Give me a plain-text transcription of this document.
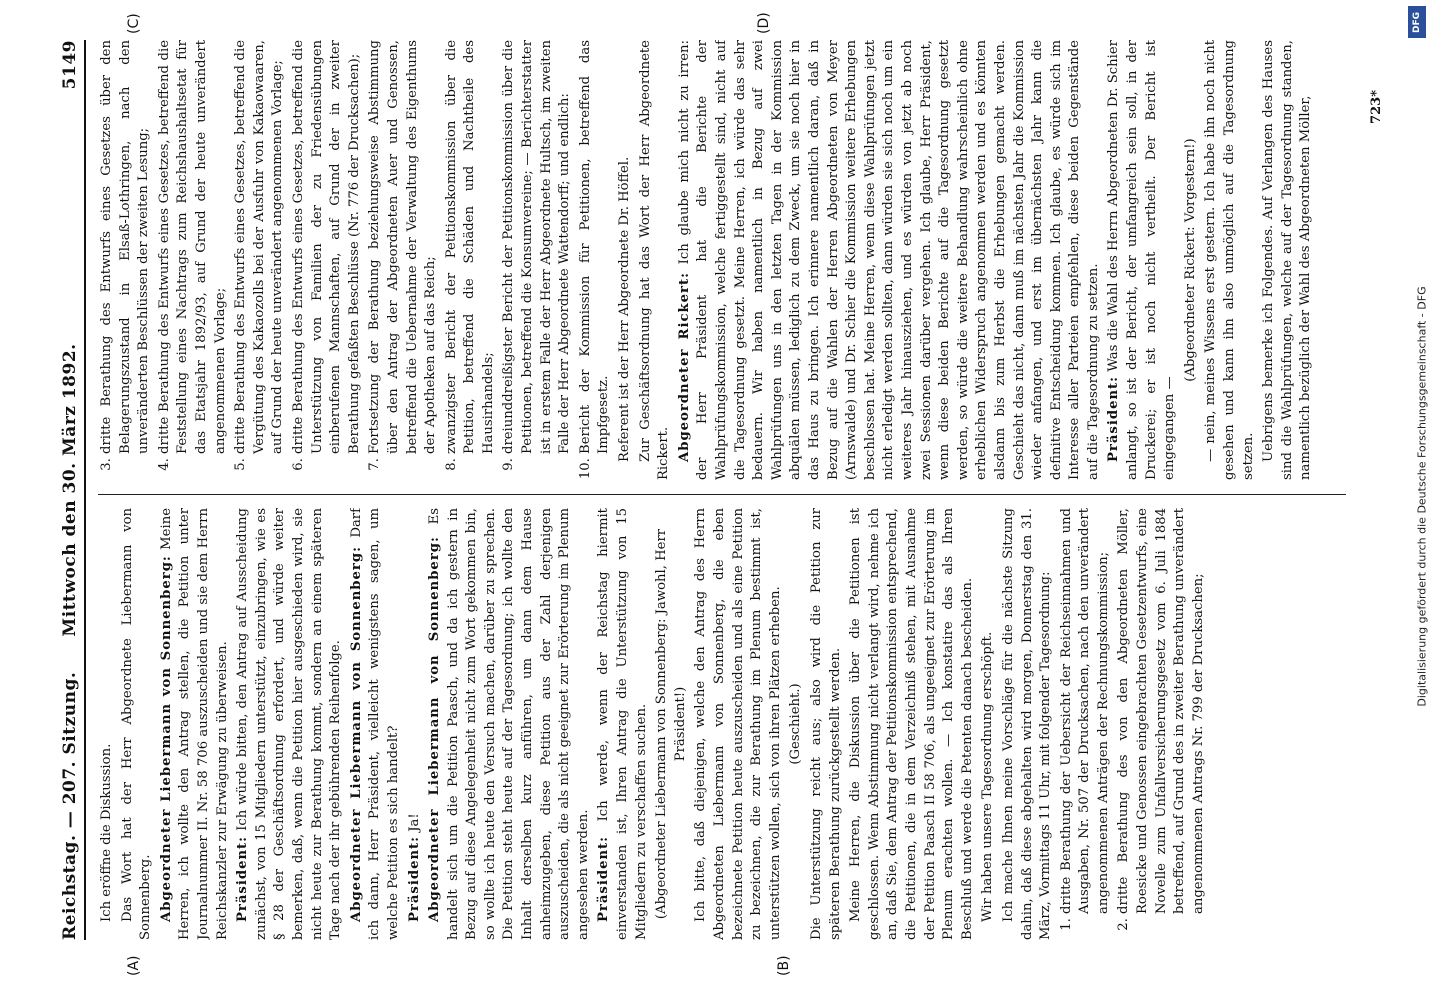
Reichstag. — 207. Sitzung.
Mittwoch den 30. März 1892.
5149
(A)	(B)
(C)	(D)

Ich eröffne die Diskussion. Das Wort hat der Herr Abgeordnete Liebermann von Sonnenberg. Abgeordneter Liebermann von Sonnenberg: Meine Herren, ich wollte den Antrag stellen, die Petition unter Journalnummer II. Nr. 58 706 auszuscheiden und sie dem Herrn Reichskanzler zur Erwägung zu überweisen. Präsident: Ich würde bitten, den Antrag auf Ausscheidung zunächst, von 15 Mitgliedern unterstützt, einzubringen, wie es § 28 der Geschäftsordnung erfordert, und würde weiter bemerken, daß, wenn die Petition hier ausgeschieden wird, sie nicht heute zur Berathung kommt, sondern an einem späteren Tage nach der ihr gebührenden Reihenfolge. Abgeordneter Liebermann von Sonnenberg: Darf ich dann, Herr Präsident, vielleicht wenigstens sagen, um welche Petition es sich handelt? Präsident: Ja! Abgeordneter Liebermann von Sonnenberg: Es handelt sich um die Petition Paasch, und da ich gestern in Bezug auf diese Angelegenheit nicht zum Wort gekommen bin, so wollte ich heute den Versuch machen, darüber zu sprechen. Die Petition steht heute auf der Tagesordnung; ich wollte den Inhalt derselben kurz anführen, um dann dem Hause anheimzugeben, diese Petition aus der Zahl derjenigen auszuscheiden, die als nicht geeignet zur Erörterung im Plenum angesehen werden. Präsident: Ich werde, wenn der Reichstag hiermit einverstanden ist, Ihren Antrag die Unterstützung von 15 Mitgliedern zu verschaffen suchen. (Abgeordneter Liebermann von Sonnenberg: Jawohl, Herr Präsident!) Ich bitte, daß diejenigen, welche den Antrag des Herrn Abgeordneten Liebermann von Sonnenberg, die eben bezeichnete Petition heute auszuscheiden und als eine Petition zu bezeichnen, die zur Berathung im Plenum bestimmt ist, unterstützen wollen, sich von ihren Plätzen erheben. (Geschieht.) Die Unterstützung reicht aus; also wird die Petition zur späteren Berathung zurückgestellt werden. Meine Herren, die Diskussion über die Petitionen ist geschlossen. Wenn Abstimmung nicht verlangt wird, nehme ich an, daß Sie, dem Antrag der Petitionskommission entsprechend, die Petitionen, die in dem Verzeichniß stehen, mit Ausnahme der Petition Paasch II 58 706, als ungeeignet zur Erörterung im Plenum erachten wollen. — Ich konstatire das als Ihren Beschluß und werde die Petenten danach bescheiden. Wir haben unsere Tagesordnung erschöpft. Ich mache Ihnen meine Vorschläge für die nächste Sitzung dahin, daß diese abgehalten wird morgen, Donnerstag den 31. März, Vormittags 11 Uhr, mit folgender Tagesordnung: 1. dritte Berathung der Uebersicht der Reichseinnahmen und Ausgaben, Nr. 507 der Drucksachen, nach den unverändert angenommenen Anträgen der Rechnungskommission; 2. dritte Berathung des von den Abgeordneten Möller, Roesicke und Genossen eingebrachten Gesetzentwurfs, eine Novelle zum Unfallversicherungsgesetz vom 6. Juli 1884 betreffend, auf Grund des in zweiter Berathung unverändert angenommenen Antrags Nr. 799 der Drucksachen;
3. dritte Berathung des Entwurfs eines Gesetzes über den Belagerungszustand in Elsaß-Lothringen, nach den unveränderten Beschlüssen der zweiten Lesung; 4. dritte Berathung des Entwurfs eines Gesetzes, betreffend die Feststellung eines Nachtrags zum Reichshaushaltsetat für das Etatsjahr 1892/93, auf Grund der heute unverändert angenommenen Vorlage; 5. dritte Berathung des Entwurfs eines Gesetzes, betreffend die Vergütung des Kakaozolls bei der Ausfuhr von Kakaowaaren, auf Grund der heute unverändert angenommenen Vorlage; 6. dritte Berathung des Entwurfs eines Gesetzes, betreffend die Unterstützung von Familien der zu Friedensübungen einberufenen Mannschaften, auf Grund der in zweiter Berathung gefaßten Beschlüsse (Nr. 776 der Drucksachen); 7. Fortsetzung der Berathung beziehungsweise Abstimmung über den Antrag der Abgeordneten Auer und Genossen, betreffend die Uebernahme der Verwaltung des Eigenthums der Apotheken auf das Reich; 8. zwanzigster Bericht der Petitionskommission über die Petition, betreffend die Schäden und Nachtheile des Hausirhandels; 9. dreiunddreißigster Bericht der Petitionskommission über die Petitionen, betreffend die Konsumvereine; — Berichterstatter ist in erstem Falle der Herr Abgeordnete Hultsch, im zweiten Falle der Herr Abgeordnete Wattendorff; und endlich: 10. Bericht der Kommission für Petitionen, betreffend das Impfgesetz. Referent ist der Herr Abgeordnete Dr. Höffel. Zur Geschäftsordnung hat das Wort der Herr Abgeordnete Rickert. Abgeordneter Rickert: Ich glaube mich nicht zu irren: der Herr Präsident hat die Berichte der Wahlprüfungskommission, welche fertiggestellt sind, nicht auf die Tagesordnung gesetzt. Meine Herren, ich würde das sehr bedauern. Wir haben namentlich in Bezug auf zwei Wahlprüfungen uns in den letzten Tagen in der Kommission abquälen müssen, lediglich zu dem Zweck, um sie noch hier in das Haus zu bringen. Ich erinnere namentlich daran, daß in Bezug auf die Wahlen der Herren Abgeordneten von Meyer (Arnswalde) und Dr. Schier die Kommission weitere Erhebungen beschlossen hat. Meine Herren, wenn diese Wahlprüfungen jetzt nicht erledigt werden sollten, dann würden sie sich noch um ein weiteres Jahr hinausziehen, und es würden von jetzt ab noch zwei Sessionen darüber vergehen. Ich glaube, Herr Präsident, wenn diese beiden Berichte auf die Tagesordnung gesetzt werden, so würde die weitere Behandlung wahrscheinlich ohne erheblichen Widerspruch angenommen werden und es könnten alsdann bis zum Herbst die Erhebungen gemacht werden. Geschieht das nicht, dann muß im nächsten Jahr die Kommission wieder anfangen, und erst im übernächsten Jahr kann die definitive Entscheidung kommen. Ich glaube, es würde sich im Interesse aller Parteien empfehlen, diese beiden Gegenstände auf die Tagesordnung zu setzen. Präsident: Was die Wahl des Herrn Abgeordneten Dr. Schier anlangt, so ist der Bericht, der umfangreich sein soll, in der Druckerei; er ist noch nicht vertheilt. Der Bericht ist eingegangen —

(Abgeordneter Rickert: Vorgestern!) — nein, meines Wissens erst gestern. Ich habe ihn noch nicht gesehen und kann ihn also unmöglich auf die Tagesordnung setzen. Uebrigens bemerke ich Folgendes. Auf Verlangen des Hauses sind die Wahlprüfungen, welche auf der Tagesordnung standen, namentlich bezüglich der Wahl des Abgeordneten Möller,	723*
DFG
Digitalisierung gefördert durch die Deutsche Forschungsgemeinschaft - DFG
